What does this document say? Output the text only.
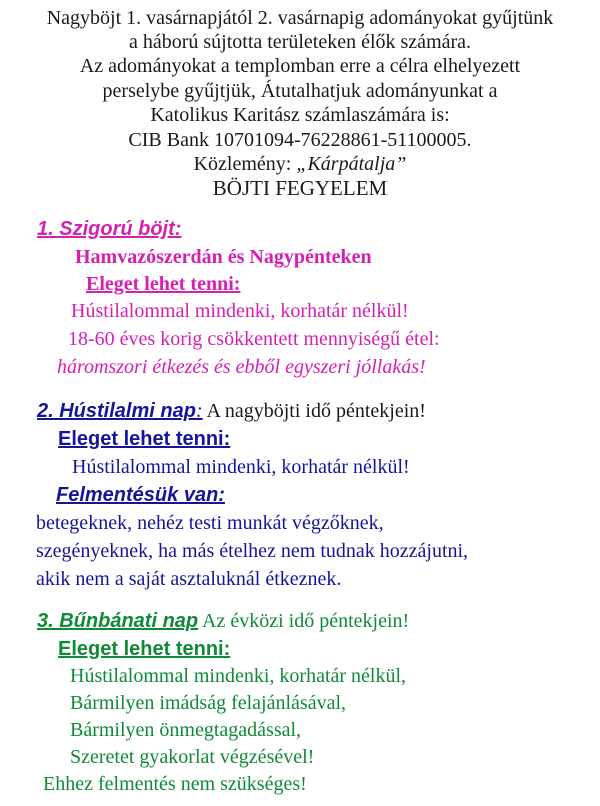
Nagyböjt 1. vasárnapjától 2. vasárnapig adományokat gyűjtünk
a háború sújtotta területeken élők számára.
Az adományokat a templomban erre a célra elhelyezett
perselybe gyűjtjük, Átutalhatjuk adományunkat a
Katolikus Karitász számlaszámára is:
CIB Bank 10701094-76228861-51100005.
Közlemény: „Kárpátalja”
BÖJTI FEGYELEM
1. Szigorú böjt:
Hamvazószerdán és Nagypénteken
Eleget lehet tenni:
Hústilalommal mindenki, korhatár nélkül!
18-60 éves korig csökkentett mennyiségű étel:
háromszori étkezés és ebből egyszeri jóllakás!
2. Hústilalmi nap: A nagyböjti idő péntekjein!
Eleget lehet tenni:
Hústilalommal mindenki, korhatár nélkül!
Felmentésük van:
betegeknek, nehéz testi munkát végzőknek,
szegényeknek, ha más ételhez nem tudnak hozzájutni,
akik nem a saját asztaluknál étkeznek.
3. Bűnbánati nap Az évközi idő péntekjein!
Eleget lehet tenni:
Hústilalommal mindenki, korhatár nélkül,
Bármilyen imádság felajánlásával,
Bármilyen önmegtagadással,
Szeretet gyakorlat végzésével!
Ehhez felmentés nem szükséges!
